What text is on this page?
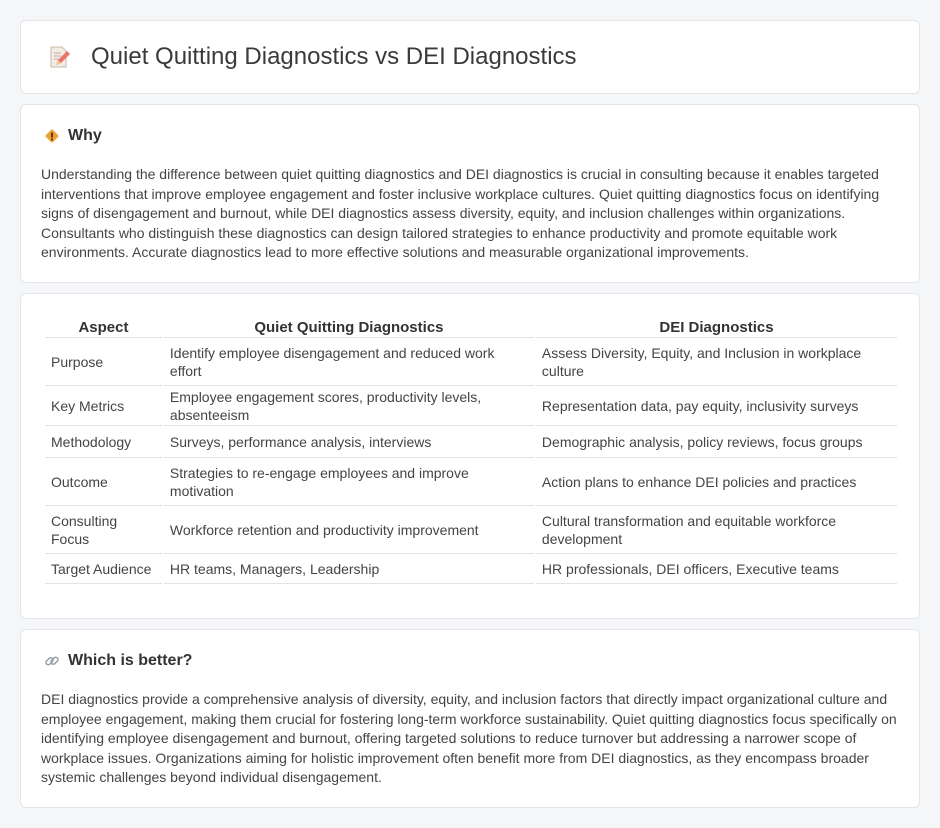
Quiet Quitting Diagnostics vs DEI Diagnostics
Why

Understanding the difference between quiet quitting diagnostics and DEI diagnostics is crucial in consulting because it enables targeted interventions that improve employee engagement and foster inclusive workplace cultures. Quiet quitting diagnostics focus on identifying signs of disengagement and burnout, while DEI diagnostics assess diversity, equity, and inclusion challenges within organizations. Consultants who distinguish these diagnostics can design tailored strategies to enhance productivity and promote equitable work environments. Accurate diagnostics lead to more effective solutions and measurable organizational improvements.

Aspect	Quiet Quitting Diagnostics	DEI Diagnostics
Purpose	Identify employee disengagement and reduced work effort	Assess Diversity, Equity, and Inclusion in workplace culture
Key Metrics	Employee engagement scores, productivity levels, absenteeism	Representation data, pay equity, inclusivity surveys
Methodology	Surveys, performance analysis, interviews	Demographic analysis, policy reviews, focus groups
Outcome	Strategies to re-engage employees and improve motivation	Action plans to enhance DEI policies and practices
Consulting Focus	Workforce retention and productivity improvement	Cultural transformation and equitable workforce development
Target Audience	HR teams, Managers, Leadership	HR professionals, DEI officers, Executive teams
Which is better?

DEI diagnostics provide a comprehensive analysis of diversity, equity, and inclusion factors that directly impact organizational culture and employee engagement, making them crucial for fostering long-term workforce sustainability. Quiet quitting diagnostics focus specifically on identifying employee disengagement and burnout, offering targeted solutions to reduce turnover but addressing a narrower scope of workplace issues. Organizations aiming for holistic improvement often benefit more from DEI diagnostics, as they encompass broader systemic challenges beyond individual disengagement.
